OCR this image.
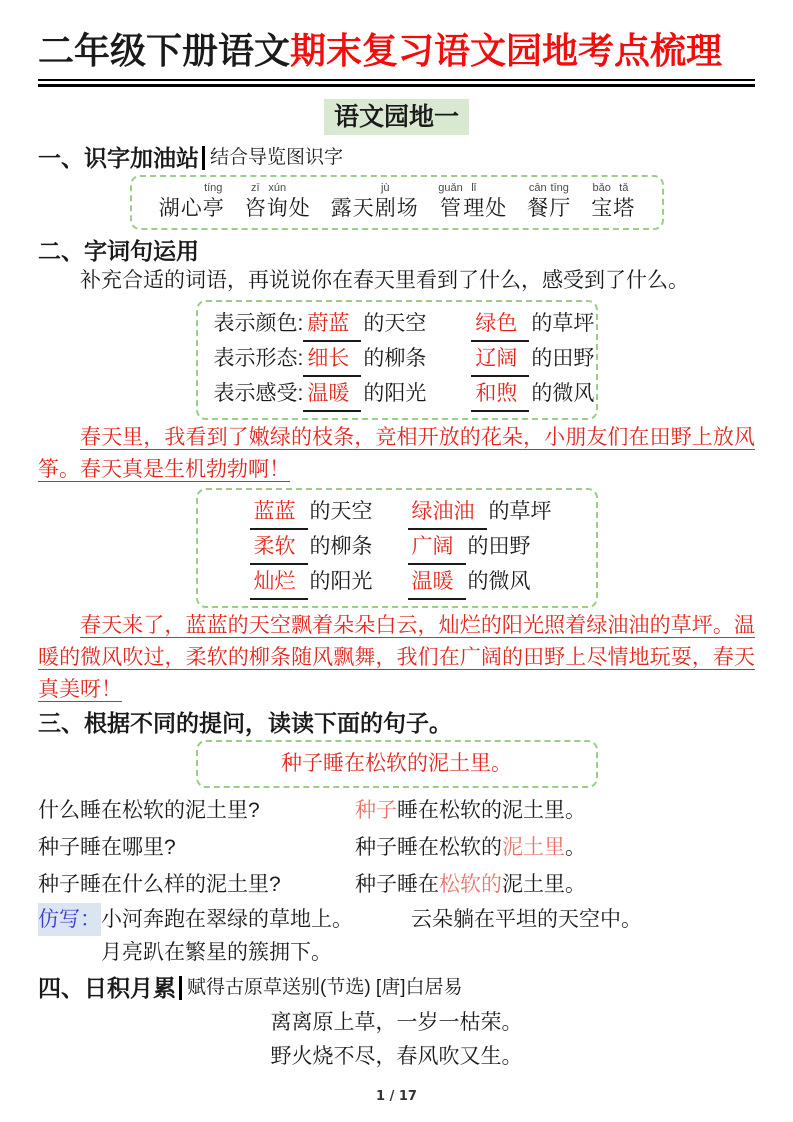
二年级下册语文期末复习语文园地考点梳理
语文园地一
一、识字加油站 结合导览图识字
湖 心
tíng
亭
zī
咨
xún
询 处 露 天
jù
剧 场
guǎn
管
lǐ
理 处
cān
餐
tīng
厅
bǎo
宝
tǎ
塔
二、字词句运用

补充合适的词语，再说说你在春天里看到了什么，感受到了什么。

表示颜色: 蔚蓝 的天空 绿色 的草坪
表示形态: 细长 的柳条 辽阔 的田野
表示感受: 温暖 的阳光 和煦 的微风

春天里，我看到了嫩绿的枝条，竞相开放的花朵，小朋友们在田野上放风筝。春天真是生机勃勃啊！

蓝蓝 的天空 绿油油 的草坪
柔软 的柳条 广阔 的田野
灿烂 的阳光 温暖 的微风

春天来了，蓝蓝的天空飘着朵朵白云，灿烂的阳光照着绿油油的草坪。温暖的微风吹过，柔软的柳条随风飘舞，我们在广阔的田野上尽情地玩耍，春天真美呀！

三、根据不同的提问，读读下面的句子。
种子睡在松软的泥土里。
什么睡在松软的泥土里?	种子睡在松软的泥土里。
种子睡在哪里?	种子睡在松软的泥土里。
种子睡在什么样的泥土里?	种子睡在松软的泥土里。
仿写： 小河奔跑在翠绿的草地上。	云朵躺在平坦的天空中。
月亮趴在繁星的簇拥下。
四、日积月累 赋得古原草送别(节选) [唐]白居易
离离原上草，一岁一枯荣。
野火烧不尽，春风吹又生。
1 / 17
